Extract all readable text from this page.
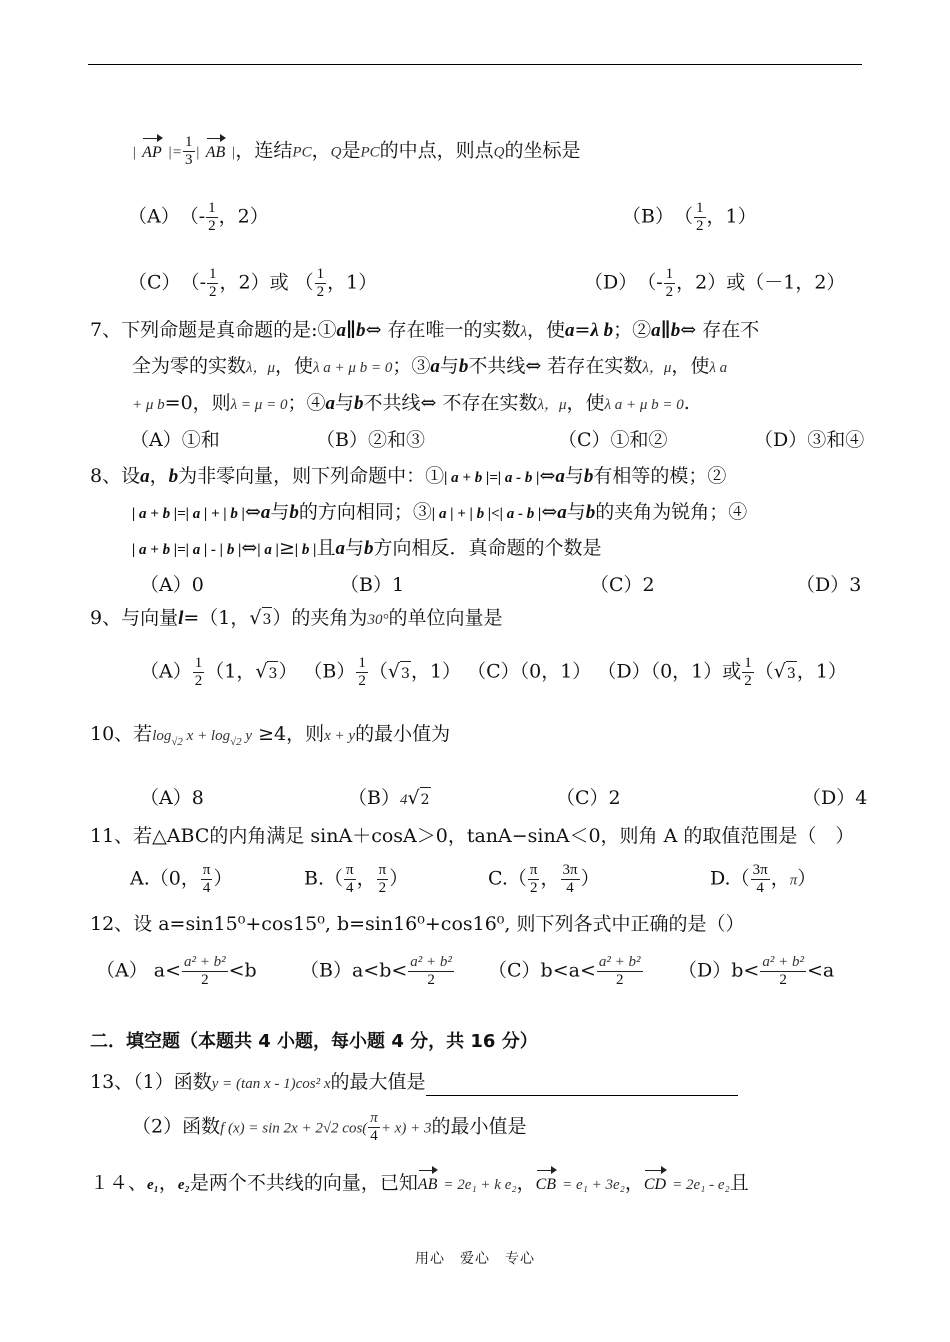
| AP |= $\frac{1}{3}$ | AB |，连结PC，Q是PC的中点，则点Q的坐标是
（A）　 （- $\frac{1}{2}$ ，2）	（B）　 （ $\frac{1}{2}$ ，1）
（C）　 （- $\frac{1}{2}$ ，2）或 （ $\frac{1}{2}$ ，1）	（D）　 （- $\frac{1}{2}$ ，2）或（－1，2）
7、下列命题是真命题的是:①a∥b⇔ 存在唯一的实数λ，使a=λ b；②a∥b⇔ 存在不
全为零的实数λ，μ，使λ a + μ b = 0；③a与b不共线⇔ 若存在实数λ，μ，使λ a
+ μ b=0，则λ = μ = 0；④a与b不共线⇔ 不存在实数λ，μ，使λ a + μ b = 0.
（A）①和	（B）②和③	（C）①和②	（D）③和④
8、设a，b为非零向量，则下列命题中：①| a + b |=| a - b |⇔a与b有相等的模；②
| a + b |=| a | + | b |⇔a与b的方向相同；③| a | + | b |<| a - b |⇔a与b的夹角为锐角；④
| a + b |=| a | - | b |⇔| a |≥| b |且a与b方向相反．真命题的个数是
（A）0	（B）1	（C）2	（D）3
9、与向量l=（1，√3）的夹角为30°的单位向量是
$(A) \frac{1}{2} (1$，√3） $(B) \frac{1}{2} (√3$，1） （C）（0，1） （D）（0，1）或 $\frac{1}{2} (√3$，1）
10、若$\log_{√2} x + \log_{√2} y \ge 4$，则x + y的最小值为
（A）8	（B）4√2	（C）2	（D）4
11、若△ABC的内角满足 sinA＋cosA＞0，tanA−sinA＜0，则角 A 的取值范围是（　）
A.（0， $\frac{\pi}{4}$ ）	$B.( \frac{\pi}{4}$ ， $\frac{\pi}{2}$ ）	$C.( \frac{\pi}{2}$ ， $\frac{3\pi}{4}$ ）	$D.( \frac{3\pi}{4}$ ，π）
12、设 a=sin15⁰+cos15⁰, b=sin16⁰+cos16⁰, 则下列各式中正确的是（）
（A） $a< \frac{\text{a² + b²}}{2} <b$ $(B)a<b< \frac{\text{a² + b²}}{2} (C)b<a< \frac{\text{a² + b²}}{2} (D)b< \frac{\text{a² + b²}}{2} <a$
二．填空题（本题共 4 小题，每小题 4 分，共 16 分）
13、（1）函数y = (tan x - 1)cos² x的最大值是
（2）函数f (x) = sin 2x + 2√2 $\cos( \frac{\pi}{4} + x) + 3$的最小值是
１４、e₁，e₂是两个不共线的向量，已知AB = 2e₁ + k e₂，CB = e₁ + 3e₂，CD = 2e₁ - e₂且
用心　爱心　专心
